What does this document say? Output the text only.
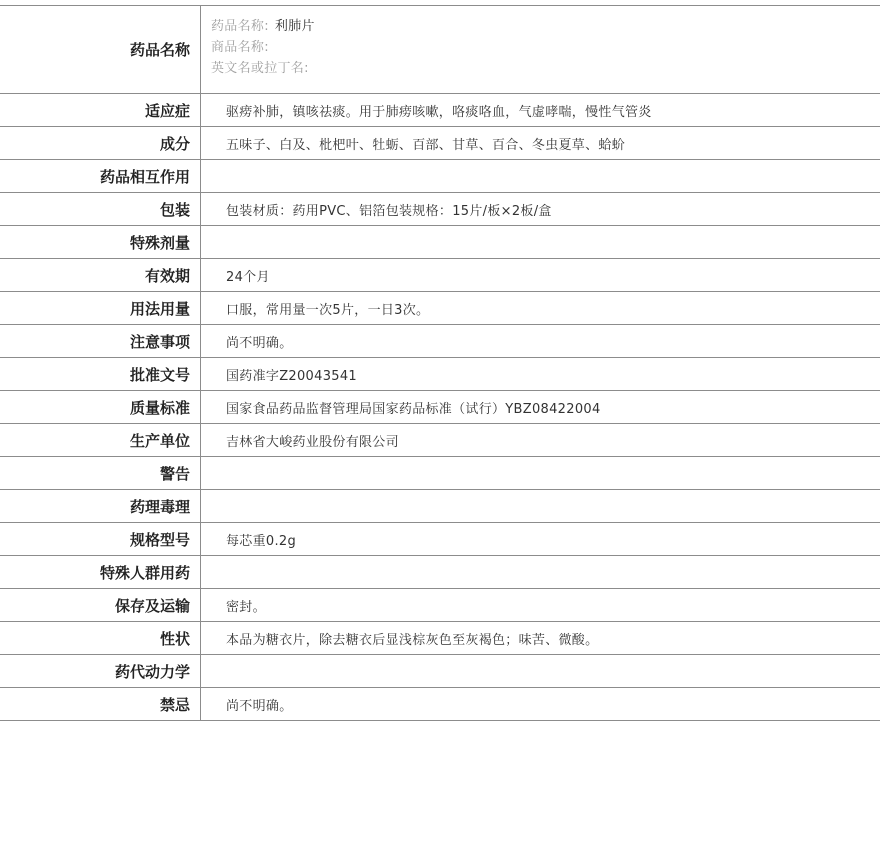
药品名称	药品名称: 利肺片
商品名称:
英文名或拉丁名:

适应症	驱痨补肺，镇咳祛痰。用于肺痨咳嗽，咯痰咯血，气虚哮喘，慢性气管炎
成分	五味子、白及、枇杷叶、牡蛎、百部、甘草、百合、冬虫夏草、蛤蚧
药品相互作用	
包装	包装材质：药用PVC、铝箔包装规格：15片/板×2板/盒
特殊剂量	
有效期	24个月
用法用量	口服，常用量一次5片，一日3次。
注意事项	尚不明确。
批准文号	国药准字Z20043541
质量标准	国家食品药品监督管理局国家药品标准（试行）YBZ08422004
生产单位	吉林省大峻药业股份有限公司
警告	
药理毒理	
规格型号	每芯重0.2g
特殊人群用药	
保存及运输	密封。
性状	本品为糖衣片，除去糖衣后显浅棕灰色至灰褐色；味苦、微酸。
药代动力学	
禁忌	尚不明确。
